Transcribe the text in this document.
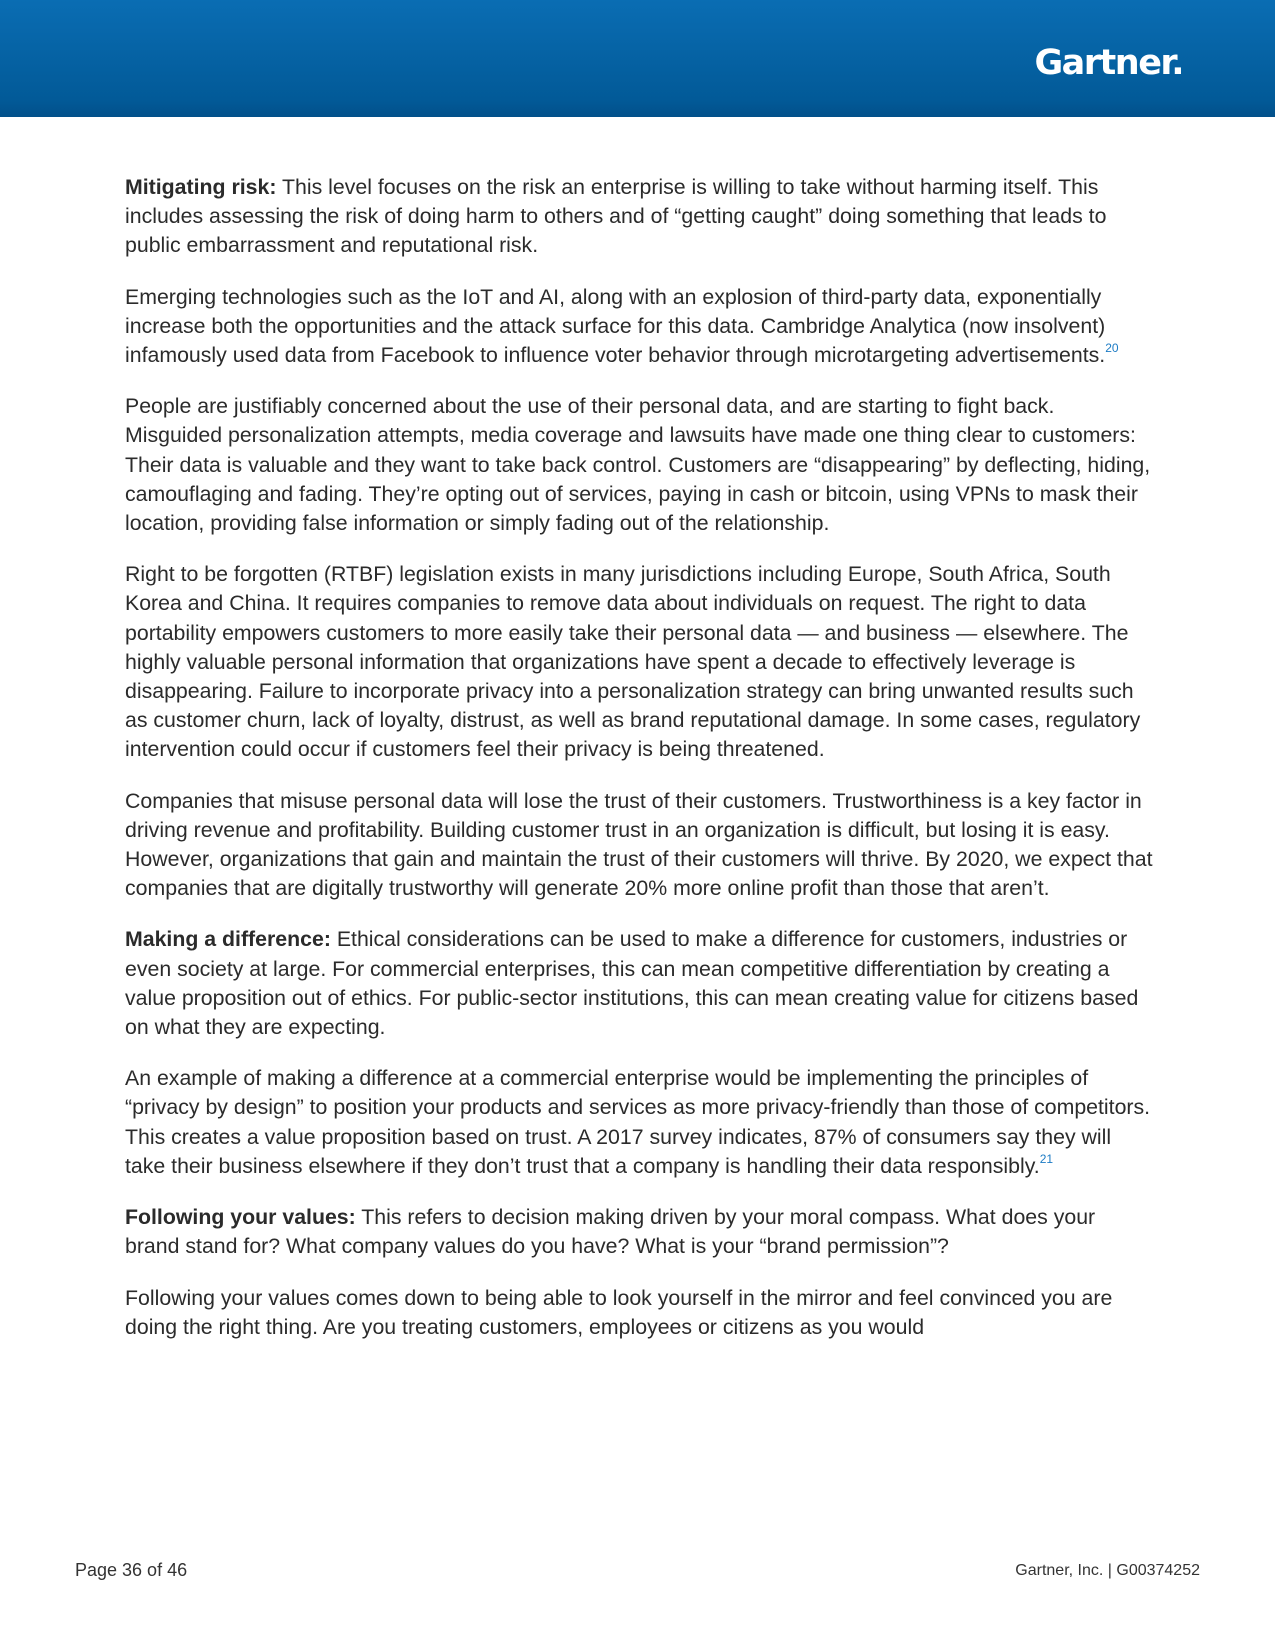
Gartner.

Mitigating risk: This level focuses on the risk an enterprise is willing to take without harming itself. This includes assessing the risk of doing harm to others and of “getting caught” doing something that leads to public embarrassment and reputational risk.

Emerging technologies such as the IoT and AI, along with an explosion of third-party data, exponentially increase both the opportunities and the attack surface for this data. Cambridge Analytica (now insolvent) infamously used data from Facebook to influence voter behavior through microtargeting advertisements.$^{20}$

People are justifiably concerned about the use of their personal data, and are starting to fight back. Misguided personalization attempts, media coverage and lawsuits have made one thing clear to customers: Their data is valuable and they want to take back control. Customers are “disappearing” by deflecting, hiding, camouflaging and fading. They’re opting out of services, paying in cash or bitcoin, using VPNs to mask their location, providing false information or simply fading out of the relationship.

Right to be forgotten (RTBF) legislation exists in many jurisdictions including Europe, South Africa, South Korea and China. It requires companies to remove data about individuals on request. The right to data portability empowers customers to more easily take their personal data — and business — elsewhere. The highly valuable personal information that organizations have spent a decade to effectively leverage is disappearing. Failure to incorporate privacy into a personalization strategy can bring unwanted results such as customer churn, lack of loyalty, distrust, as well as brand reputational damage. In some cases, regulatory intervention could occur if customers feel their privacy is being threatened.

Companies that misuse personal data will lose the trust of their customers. Trustworthiness is a key factor in driving revenue and profitability. Building customer trust in an organization is difficult, but losing it is easy. However, organizations that gain and maintain the trust of their customers will thrive. By 2020, we expect that companies that are digitally trustworthy will generate 20% more online profit than those that aren’t.

Making a difference: Ethical considerations can be used to make a difference for customers, industries or even society at large. For commercial enterprises, this can mean competitive differentiation by creating a value proposition out of ethics. For public-sector institutions, this can mean creating value for citizens based on what they are expecting.

An example of making a difference at a commercial enterprise would be implementing the principles of “privacy by design” to position your products and services as more privacy-friendly than those of competitors. This creates a value proposition based on trust. A 2017 survey indicates, 87% of consumers say they will take their business elsewhere if they don’t trust that a company is handling their data responsibly.$^{21}$

Following your values: This refers to decision making driven by your moral compass. What does your brand stand for? What company values do you have? What is your “brand permission”?

Following your values comes down to being able to look yourself in the mirror and feel convinced you are doing the right thing. Are you treating customers, employees or citizens as you would

Page 36 of 46	Gartner, Inc. | G00374252
